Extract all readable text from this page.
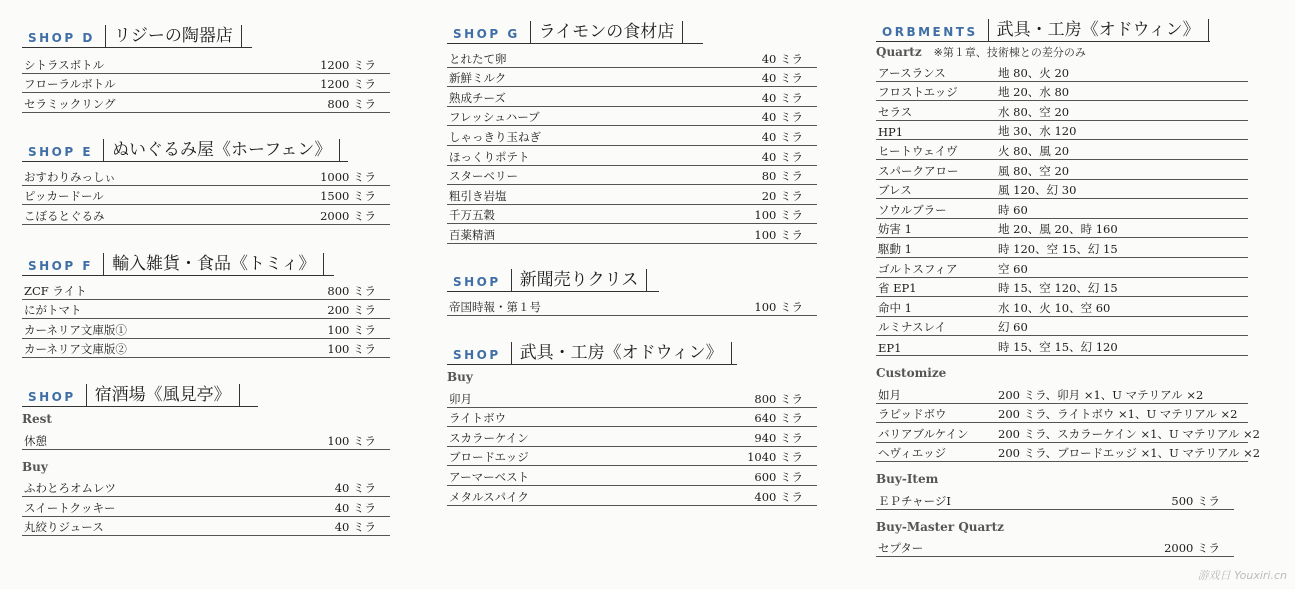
SHOP D リジーの陶器店
シトラスボトル	1200 ミラ
フローラルボトル	1200 ミラ
セラミックリング	800 ミラ
SHOP E ぬいぐるみ屋《ホーフェン》
おすわりみっしぃ	1000 ミラ
ピッカードール	1500 ミラ
こぼるとぐるみ	2000 ミラ
SHOP F 輸入雑貨・食品《トミィ》
ZCF ライト	800 ミラ
にがトマト	200 ミラ
カーネリア文庫版①	100 ミラ
カーネリア文庫版②	100 ミラ
SHOP 宿酒場《風見亭》
Rest
休憩	100 ミラ
Buy
ふわとろオムレツ	40 ミラ
スイートクッキー	40 ミラ
丸絞りジュース	40 ミラ
SHOP G ライモンの食材店
とれたて卵	40 ミラ
新鮮ミルク	40 ミラ
熟成チーズ	40 ミラ
フレッシュハーブ	40 ミラ
しゃっきり玉ねぎ	40 ミラ
ほっくりポテト	40 ミラ
スターベリー	80 ミラ
粗引き岩塩	20 ミラ
千万五穀	100 ミラ
百薬精酒	100 ミラ
SHOP 新聞売りクリス
帝国時報・第１号	100 ミラ
SHOP 武具・工房《オドウィン》
Buy
卯月	800 ミラ
ライトボウ	640 ミラ
スカラーケイン	940 ミラ
ブロードエッジ	1040 ミラ
アーマーベスト	600 ミラ
メタルスパイク	400 ミラ
ORBMENTS 武具・工房《オドウィン》
Quartz ※第１章、技術棟との差分のみ
アースランス	地 80、火 20
フロストエッジ	地 20、水 80
セラス	水 80、空 20
HP1	地 30、水 120
ヒートウェイヴ	火 80、風 20
スパークアロー	風 80、空 20
ブレス	風 120、幻 30
ソウルブラー	時 60
妨害 1	地 20、風 20、時 160
駆動 1	時 120、空 15、幻 15
ゴルトスフィア	空 60
省 EP1	時 15、空 120、幻 15
命中 1	水 10、火 10、空 60
ルミナスレイ	幻 60
EP1	時 15、空 15、幻 120
Customize
如月	200 ミラ、卯月 ×1、U マテリアル ×2
ラピッドボウ	200 ミラ、ライトボウ ×1、U マテリアル ×2
バリアブルケイン	200 ミラ、スカラーケイン ×1、U マテリアル ×2
ヘヴィエッジ	200 ミラ、ブロードエッジ ×1、U マテリアル ×2
Buy-Item
ＥＰチャージⅠ	500 ミラ
Buy-Master Quartz
セプター	2000 ミラ
游戏日 Youxiri.cn
